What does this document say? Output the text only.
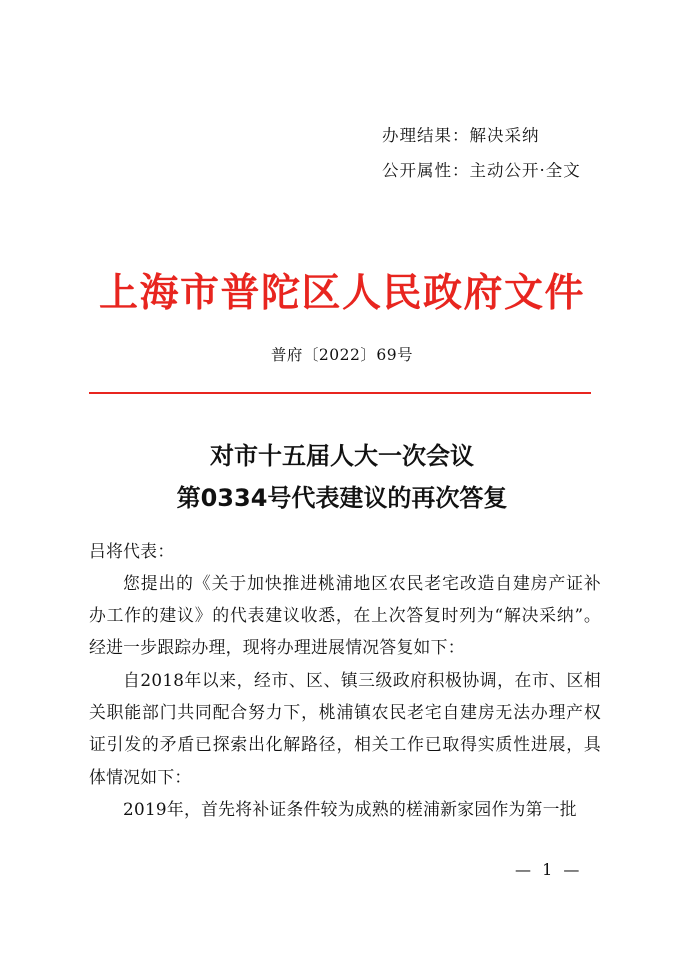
办理结果：解决采纳
公开属性：主动公开·全文
上海市普陀区人民政府文件
普府〔2022〕69号
对市十五届人大一次会议
第0334号代表建议的再次答复
吕将代表：

您提出的《关于加快推进桃浦地区农民老宅改造自建房产证补办工作的建议》的代表建议收悉，在上次答复时列为“解决采纳”。经进一步跟踪办理，现将办理进展情况答复如下：

自2018年以来，经市、区、镇三级政府积极协调，在市、区相关职能部门共同配合努力下，桃浦镇农民老宅自建房无法办理产权证引发的矛盾已探索出化解路径，相关工作已取得实质性进展，具体情况如下：

2019年，首先将补证条件较为成熟的槎浦新家园作为第一批

— 1 —
